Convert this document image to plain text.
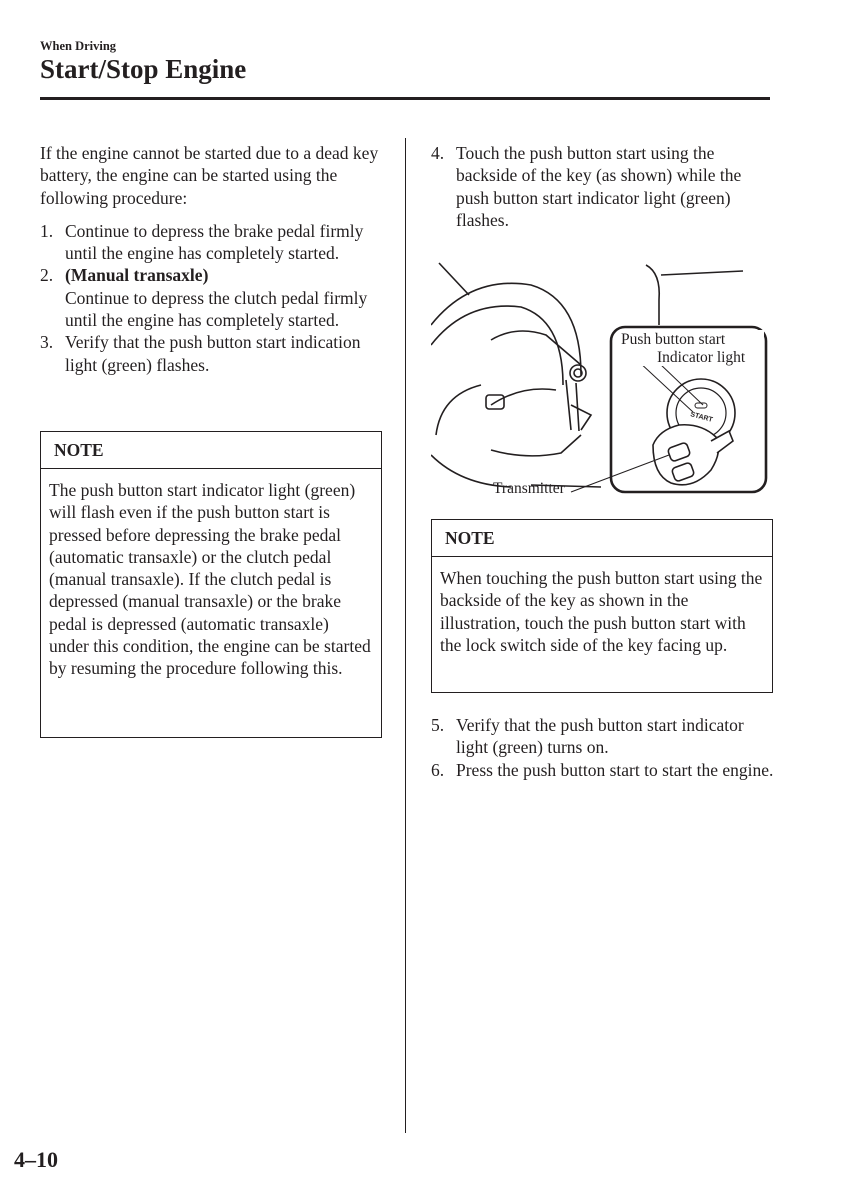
When Driving
Start/Stop Engine

If the engine cannot be started due to a dead key battery, the engine can be started using the following procedure:

1. Continue to depress the brake pedal firmly until the engine has completely started.
2. (Manual transaxle)
Continue to depress the clutch pedal firmly until the engine has completely started.
3. Verify that the push button start indication light (green) flashes.
NOTE

The push button start indicator light (green) will flash even if the push button start is pressed before depressing the brake pedal (automatic transaxle) or the clutch pedal (manual transaxle). If the clutch pedal is depressed (manual transaxle) or the brake pedal is depressed (automatic transaxle) under this condition, the engine can be started by resuming the procedure following this.

4. Touch the push button start using the backside of the key (as shown) while the push button start indicator light (green) flashes.
START
Push button start
Indicator light
Transmitter
NOTE

When touching the push button start using the backside of the key as shown in the illustration, touch the push button start with the lock switch side of the key facing up.

5. Verify that the push button start indicator light (green) turns on.
6. Press the push button start to start the engine.
4–10
